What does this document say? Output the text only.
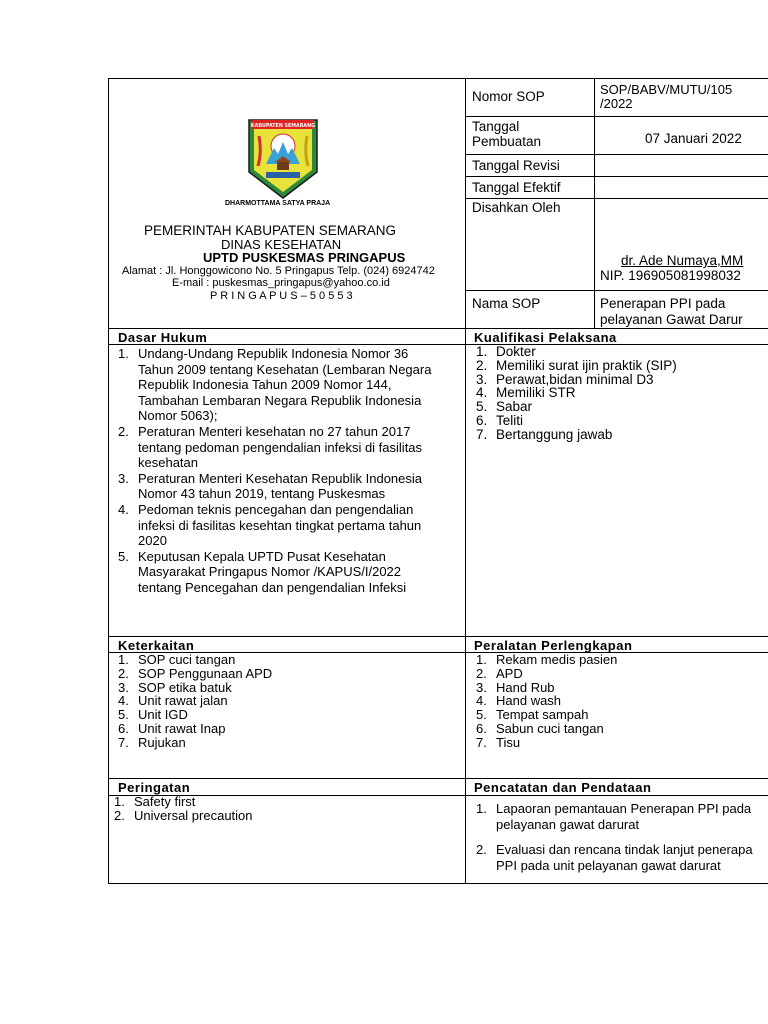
KABUPATEN SEMARANG
DHARMOTTAMA SATYA PRAJA
PEMERINTAH KABUPATEN SEMARANG
DINAS KESEHATAN
UPTD PUSKESMAS PRINGAPUS
Alamat : Jl. Honggowicono No. 5 Pringapus Telp. (024) 6924742
E-mail : puskesmas_pringapus@yahoo.co.id
P R I N G A P U S – 5 0 5 5 3
Nomor SOP	SOP/BABV/MUTU/105
/2022
Tanggal
Pembuatan	07 Januari 2022
Tanggal Revisi
Tanggal Efektif
Disahkan Oleh
dr. Ade Numaya,MM
NIP. 196905081998032
Nama SOP	Penerapan PPI pada
pelayanan Gawat Darur
Dasar Hukum
1. Undang-Undang Republik Indonesia Nomor 36
Tahun 2009 tentang Kesehatan (Lembaran Negara
Republik Indonesia Tahun 2009 Nomor 144,
Tambahan Lembaran Negara Republik Indonesia
Nomor 5063);
2. Peraturan Menteri kesehatan no 27 tahun 2017
tentang pedoman pengendalian infeksi di fasilitas
kesehatan
3. Peraturan Menteri Kesehatan Republik Indonesia
Nomor 43 tahun 2019, tentang Puskesmas
4. Pedoman teknis pencegahan dan pengendalian
infeksi di fasilitas kesehtan tingkat pertama tahun
2020
5. Keputusan Kepala UPTD Pusat Kesehatan
Masyarakat Pringapus Nomor /KAPUS/I/2022
tentang Pencegahan dan pengendalian Infeksi
Kualifikasi Pelaksana
1. Dokter
2. Memiliki surat ijin praktik (SIP)
3. Perawat,bidan minimal D3
4. Memiliki STR
5. Sabar
6. Teliti
7. Bertanggung jawab
Keterkaitan
1. SOP cuci tangan
2. SOP Penggunaan APD
3. SOP etika batuk
4. Unit rawat jalan
5. Unit IGD
6. Unit rawat Inap
7. Rujukan
Peralatan Perlengkapan
1. Rekam medis pasien
2. APD
3. Hand Rub
4. Hand wash
5. Tempat sampah
6. Sabun cuci tangan
7. Tisu
Peringatan
1. Safety first
2. Universal precaution
Pencatatan dan Pendataan
1. Lapaoran pemantauan Penerapan PPI pada
pelayanan gawat darurat
2. Evaluasi dan rencana tindak lanjut penerapa
PPI pada unit pelayanan gawat darurat
